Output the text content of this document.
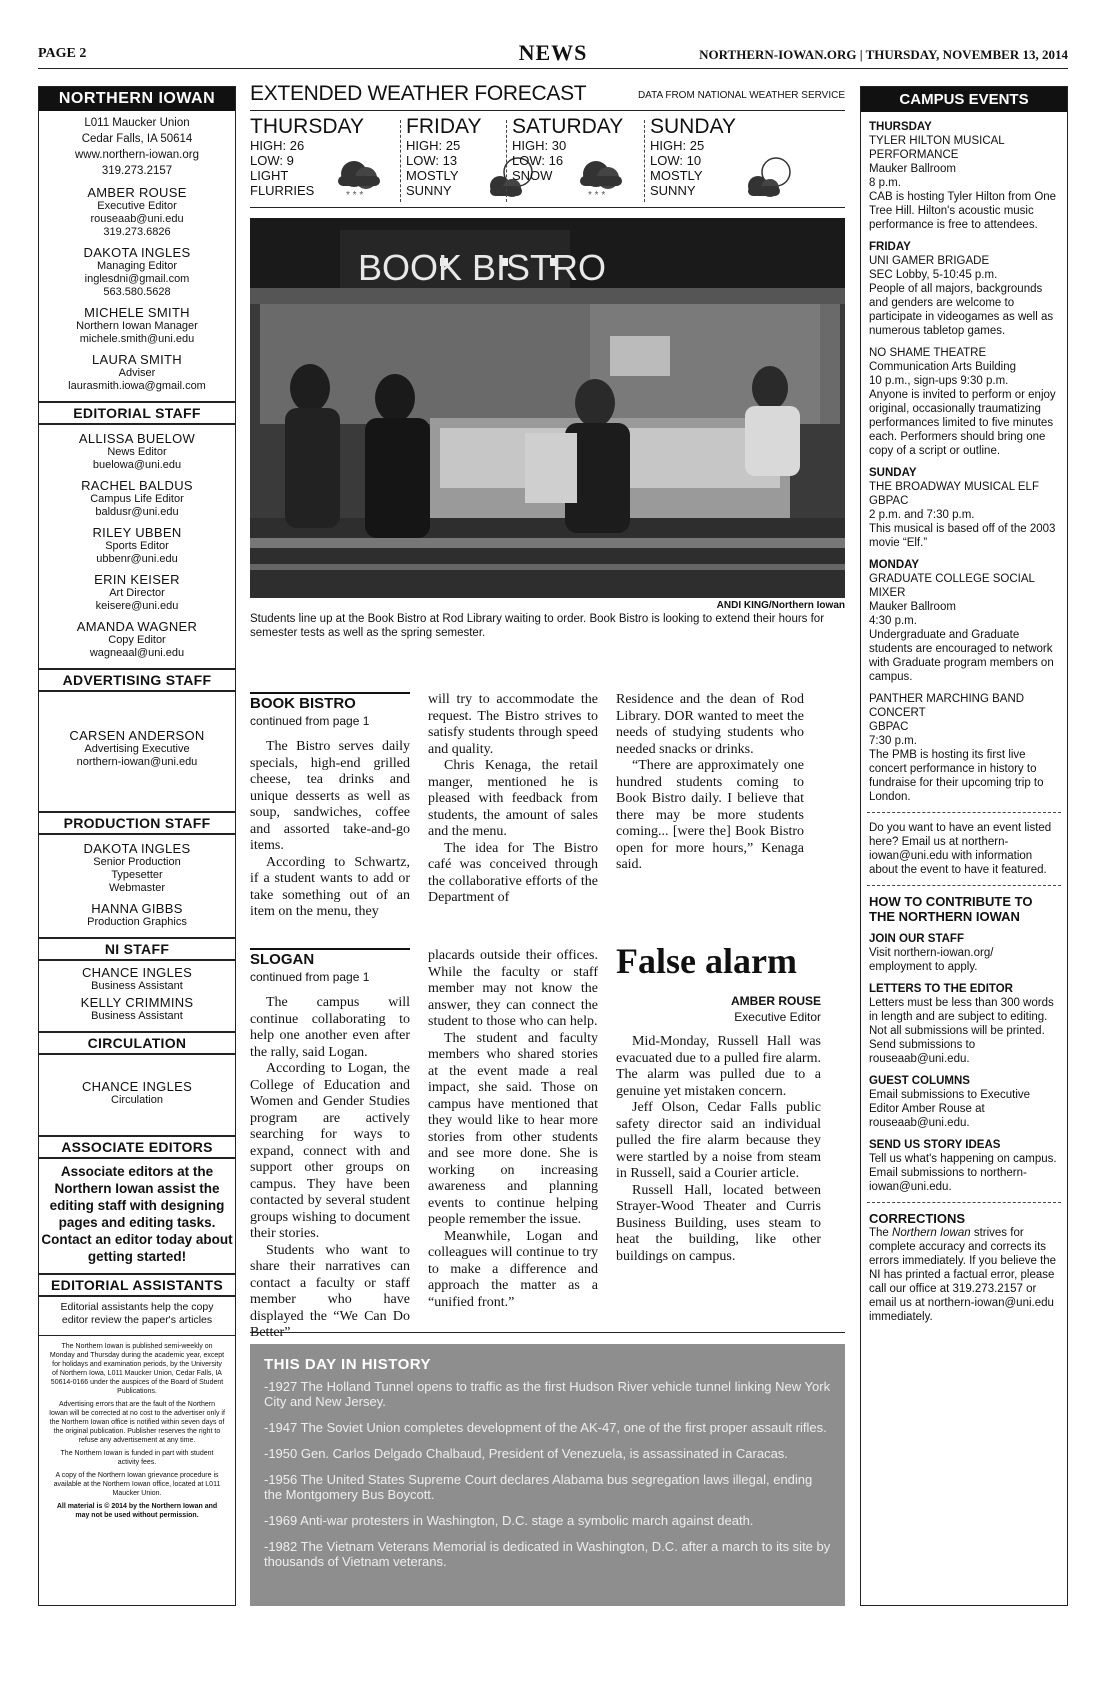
PAGE 2	NEWS	NORTHERN-IOWAN.ORG | THURSDAY, NOVEMBER 13, 2014
NORTHERN IOWAN
L011 Maucker Union
Cedar Falls, IA 50614
www.northern-iowan.org
319.273.2157
AMBER ROUSE
Executive Editor
rouseaab@uni.edu
319.273.6826
DAKOTA INGLES
Managing Editor
inglesdni@gmail.com
563.580.5628
MICHELE SMITH
Northern Iowan Manager
michele.smith@uni.edu
LAURA SMITH
Adviser
laurasmith.iowa@gmail.com
EDITORIAL STAFF
ALLISSA BUELOW
News Editor
buelowa@uni.edu
RACHEL BALDUS
Campus Life Editor
baldusr@uni.edu
RILEY UBBEN
Sports Editor
ubbenr@uni.edu
ERIN KEISER
Art Director
keisere@uni.edu
AMANDA WAGNER
Copy Editor
wagneaal@uni.edu
ADVERTISING STAFF
CARSEN ANDERSON
Advertising Executive
northern-iowan@uni.edu
PRODUCTION STAFF
DAKOTA INGLES
Senior Production
Typesetter
Webmaster
HANNA GIBBS
Production Graphics
NI STAFF
CHANCE INGLES
Business Assistant
KELLY CRIMMINS
Business Assistant
CIRCULATION
CHANCE INGLES
Circulation
ASSOCIATE EDITORS
Associate editors at the Northern Iowan assist the editing staff with designing pages and editing tasks. Contact an editor today about getting started!
EDITORIAL ASSISTANTS
Editorial assistants help the copy editor review the paper's articles
The Northern Iowan is published semi-weekly on Monday and Thursday during the academic year, except for holidays and examination periods, by the University of Northern Iowa, L011 Maucker Union, Cedar Falls, IA 50614-0166 under the auspices of the Board of Student Publications.
Advertising errors that are the fault of the Northern Iowan will be corrected at no cost to the advertiser only if the Northern Iowan office is notified within seven days of the original publication. Publisher reserves the right to refuse any advertisement at any time.
The Northern Iowan is funded in part with student activity fees.
A copy of the Northern Iowan grievance procedure is available at the Northern Iowan office, located at L011 Maucker Union.
All material is © 2014 by the Northern Iowan and may not be used without permission.
EXTENDED WEATHER FORECAST	DATA FROM NATIONAL WEATHER SERVICE
THURSDAY
HIGH: 26
LOW: 9
LIGHT
FLURRIES	* * *
FRIDAY
HIGH: 25
LOW: 13
MOSTLY
SUNNY
SATURDAY
HIGH: 30
LOW: 16
SNOW
* * *
SUNDAY
HIGH: 25
LOW: 10
MOSTLY
SUNNY
BOOK BISTRO
ANDI KING/Northern Iowan
Students line up at the Book Bistro at Rod Library waiting to order. Book Bistro is looking to extend their hours for semester tests as well as the spring semester.
BOOK BISTRO
continued from page 1

The Bistro serves daily specials, high-end grilled cheese, tea drinks and unique desserts as well as soup, sandwiches, coffee and assorted take-and-go items.

According to Schwartz, if a student wants to add or take something out of an item on the menu, they

will try to accommodate the request. The Bistro strives to satisfy students through speed and quality.

Chris Kenaga, the retail manger, mentioned he is pleased with feedback from students, the amount of sales and the menu.

The idea for The Bistro café was conceived through the collaborative efforts of the Department of

Residence and the dean of Rod Library. DOR wanted to meet the needs of studying students who needed snacks or drinks.

“There are approximately one hundred students coming to Book Bistro daily. I believe that there may be more students coming... [were the] Book Bistro open for more hours,” Kenaga said.

SLOGAN
continued from page 1

The campus will continue collaborating to help one another even after the rally, said Logan.

According to Logan, the College of Education and Women and Gender Studies program are actively searching for ways to expand, connect with and support other groups on campus. They have been contacted by several student groups wishing to document their stories.

Students who want to share their narratives can contact a faculty or staff member who have displayed the “We Can Do Better”

placards outside their offices. While the faculty or staff member may not know the answer, they can connect the student to those who can help.

The student and faculty members who shared stories at the event made a real impact, she said. Those on campus have mentioned that they would like to hear more stories from other students and see more done. She is working on increasing awareness and planning events to continue helping people remember the issue.

Meanwhile, Logan and colleagues will continue to try to make a difference and approach the matter as a “unified front.”

False alarm
AMBER ROUSE
Executive Editor

Mid-Monday, Russell Hall was evacuated due to a pulled fire alarm. The alarm was pulled due to a genuine yet mistaken concern.

Jeff Olson, Cedar Falls public safety director said an individual pulled the fire alarm because they were startled by a noise from steam in Russell, said a Courier article.

Russell Hall, located between Strayer-Wood Theater and Curris Business Building, uses steam to heat the building, like other buildings on campus.

THIS DAY IN HISTORY
-1927 The Holland Tunnel opens to traffic as the first Hudson River vehicle tunnel linking New York City and New Jersey.
-1947 The Soviet Union completes development of the AK-47, one of the first proper assault rifles.
-1950 Gen. Carlos Delgado Chalbaud, President of Venezuela, is assassinated in Caracas.
-1956 The United States Supreme Court declares Alabama bus segregation laws illegal, ending the Montgomery Bus Boycott.
-1969 Anti-war protesters in Washington, D.C. stage a symbolic march against death.
-1982 The Vietnam Veterans Memorial is dedicated in Washington, D.C. after a march to its site by thousands of Vietnam veterans.
CAMPUS EVENTS
THURSDAY
TYLER HILTON MUSICAL PERFORMANCE
Mauker Ballroom
8 p.m.
CAB is hosting Tyler Hilton from One Tree Hill. Hilton's acoustic music performance is free to attendees.
FRIDAY
UNI GAMER BRIGADE
SEC Lobby, 5-10:45 p.m.
People of all majors, backgrounds and genders are welcome to participate in videogames as well as numerous tabletop games.
NO SHAME THEATRE
Communication Arts Building
10 p.m., sign-ups 9:30 p.m.
Anyone is invited to perform or enjoy original, occasionally traumatizing performances limited to five minutes each. Performers should bring one copy of a script or outline.
SUNDAY
THE BROADWAY MUSICAL ELF
GBPAC
2 p.m. and 7:30 p.m.
This musical is based off of the 2003 movie “Elf.”
MONDAY
GRADUATE COLLEGE SOCIAL MIXER
Mauker Ballroom
4:30 p.m.
Undergraduate and Graduate students are encouraged to network with Graduate program members on campus.
PANTHER MARCHING BAND CONCERT
GBPAC
7:30 p.m.
The PMB is hosting its first live concert performance in history to fundraise for their upcoming trip to London.
Do you want to have an event listed here? Email us at northern-iowan@uni.edu with information about the event to have it featured.
HOW TO CONTRIBUTE TO THE NORTHERN IOWAN
JOIN OUR STAFF
Visit northern-iowan.org/ employment to apply.
LETTERS TO THE EDITOR
Letters must be less than 300 words in length and are subject to editing. Not all submissions will be printed. Send submissions to rouseaab@uni.edu.
GUEST COLUMNS
Email submissions to Executive Editor Amber Rouse at rouseaab@uni.edu.
SEND US STORY IDEAS
Tell us what's happening on campus. Email submissions to northern-iowan@uni.edu.
CORRECTIONS
The Northern Iowan strives for complete accuracy and corrects its errors immediately. If you believe the NI has printed a factual error, please call our office at 319.273.2157 or email us at northern-iowan@uni.edu immediately.
